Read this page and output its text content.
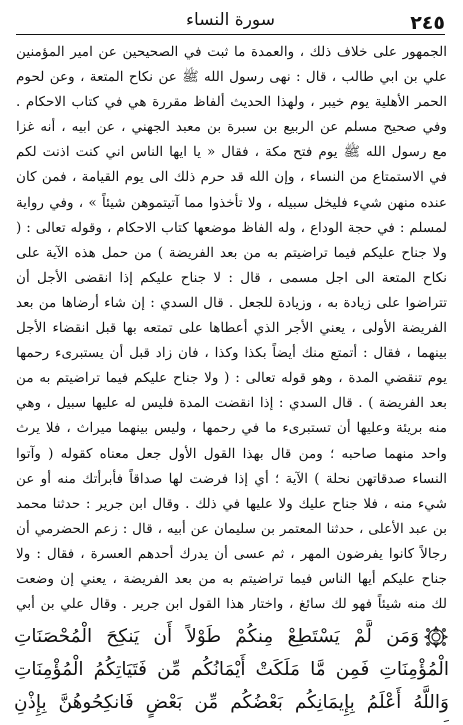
٢٤٥
سورة النساء

الجمهور على خلاف ذلك ، والعمدة ما ثبت في الصحيحين عن امير المؤمنين علي بن ابي طالب ، قال : نهى رسول الله ﷺ عن نكاح المتعة ، وعن لحوم الحمر الأهلية يوم خيبر ، ولهذا الحديث ألفاظ مقررة هي في كتاب الاحكام . وفي صحيح مسلم عن الربيع بن سبرة بن معبد الجهني ، عن ابيه ، أنه غزا مع رسول الله ﷺ يوم فتح مكة ، فقال « يا ايها الناس اني كنت اذنت لكم في الاستمتاع من النساء ، وإن الله قد حرم ذلك الى يوم القيامة ، فمن كان عنده منهن شيء فليخل سبيله ، ولا تأخذوا مما آتيتموهن شيئاً » ، وفي رواية لمسلم : في حجة الوداع ، وله الفاظ موضعها كتاب الاحكام ، وقوله تعالى : ( ولا جناح عليكم فيما تراضيتم به من بعد الفريضة ) من حمل هذه الآية على نكاح المتعة الى اجل مسمى ، قال : لا جناح عليكم إذا انقضى الأجل أن تتراضوا على زيادة به ، وزيادة للجعل . قال السدي : إن شاء أرضاها من بعد الفريضة الأولى ، يعني الأجر الذي أعطاها على تمتعه بها قبل انقضاء الأجل بينهما ، فقال : أتمتع منك أيضاً بكذا وكذا ، فان زاد قبل أن يستبرىء رحمها يوم تنقضي المدة ، وهو قوله تعالى : ( ولا جناح عليكم فيما تراضيتم به من بعد الفريضة ) . قال السدي : إذا انقضت المدة فليس له عليها سبيل ، وهي منه بريئة وعليها أن تستبرىء ما في رحمها ، وليس بينهما ميراث ، فلا يرث واحد منهما صاحبه ؛ ومن قال بهذا القول الأول جعل معناه كقوله ( وآتوا النساء صدقاتهن نحلة ) الآية ؛ أي إذا فرضت لها صداقاً فأبرأتك منه أو عن شيء منه ، فلا جناح عليك ولا عليها في ذلك . وقال ابن جرير : حدثنا محمد بن عبد الأعلى ، حدثنا المعتمر بن سليمان عن أبيه ، قال : زعم الحضرمي أن رجالاً كانوا يفرضون المهر ، ثم عسى أن يدرك أحدهم العسرة ، فقال : ولا جناح عليكم أيها الناس فيما تراضيتم به من بعد الفريضة ، يعني إن وضعت لك منه شيئاً فهو لك سائغ ، واختار هذا القول ابن جرير . وقال علي بن أبي

وَمَن لَّمْ يَسْتَطِعْ مِنكُمْ طَوْلاً أَن يَنكِحَ الْمُحْصَنَاتِ الْمُؤْمِنَاتِ فَمِن مَّا مَلَكَتْ أَيْمَانُكُم مِّن فَتَيَاتِكُمُ الْمُؤْمِنَاتِ وَاللَّهُ أَعْلَمُ بِإِيمَانِكُم بَعْضُكُم مِّن بَعْضٍ فَانكِحُوهُنَّ بِإِذْنِ
